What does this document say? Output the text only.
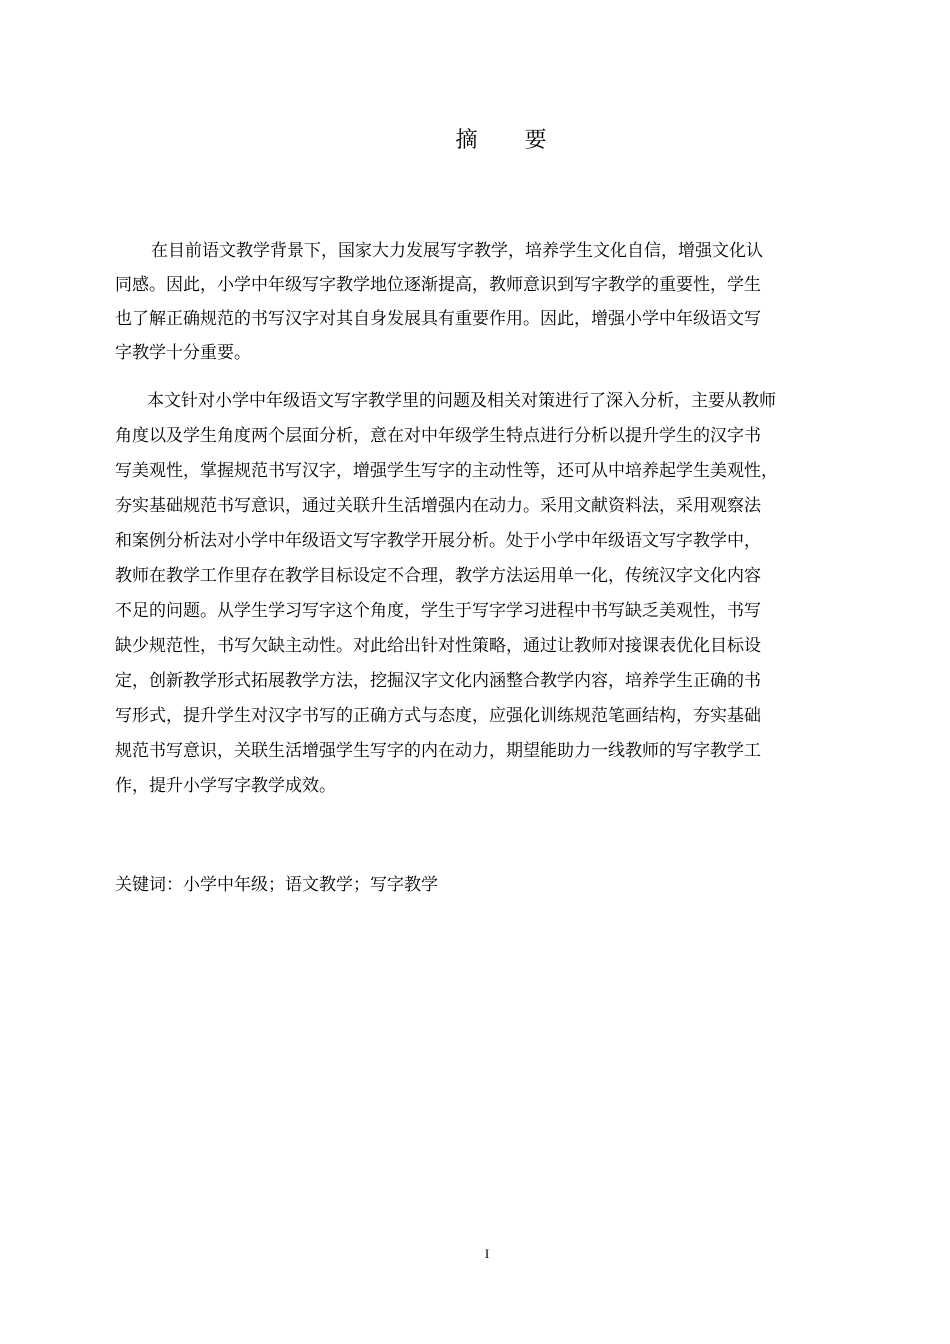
摘 要
在目前语文教学背景下，国家大力发展写字教学，培养学生文化自信，增强文化认
同感。因此，小学中年级写字教学地位逐渐提高，教师意识到写字教学的重要性，学生
也了解正确规范的书写汉字对其自身发展具有重要作用。因此，增强小学中年级语文写
字教学十分重要。
本文针对小学中年级语文写字教学里的问题及相关对策进行了深入分析，主要从教师
角度以及学生角度两个层面分析，意在对中年级学生特点进行分析以提升学生的汉字书
写美观性，掌握规范书写汉字，增强学生写字的主动性等，还可从中培养起学生美观性，
夯实基础规范书写意识，通过关联升生活增强内在动力。采用文献资料法，采用观察法
和案例分析法对小学中年级语文写字教学开展分析。处于小学中年级语文写字教学中，
教师在教学工作里存在教学目标设定不合理，教学方法运用单一化，传统汉字文化内容
不足的问题。从学生学习写字这个角度，学生于写字学习进程中书写缺乏美观性，书写
缺少规范性，书写欠缺主动性。对此给出针对性策略，通过让教师对接课表优化目标设
定，创新教学形式拓展教学方法，挖掘汉字文化内涵整合教学内容，培养学生正确的书
写形式，提升学生对汉字书写的正确方式与态度，应强化训练规范笔画结构，夯实基础
规范书写意识，关联生活增强学生写字的内在动力，期望能助力一线教师的写字教学工
作，提升小学写字教学成效。
关键词：小学中年级；语文教学；写字教学
I
